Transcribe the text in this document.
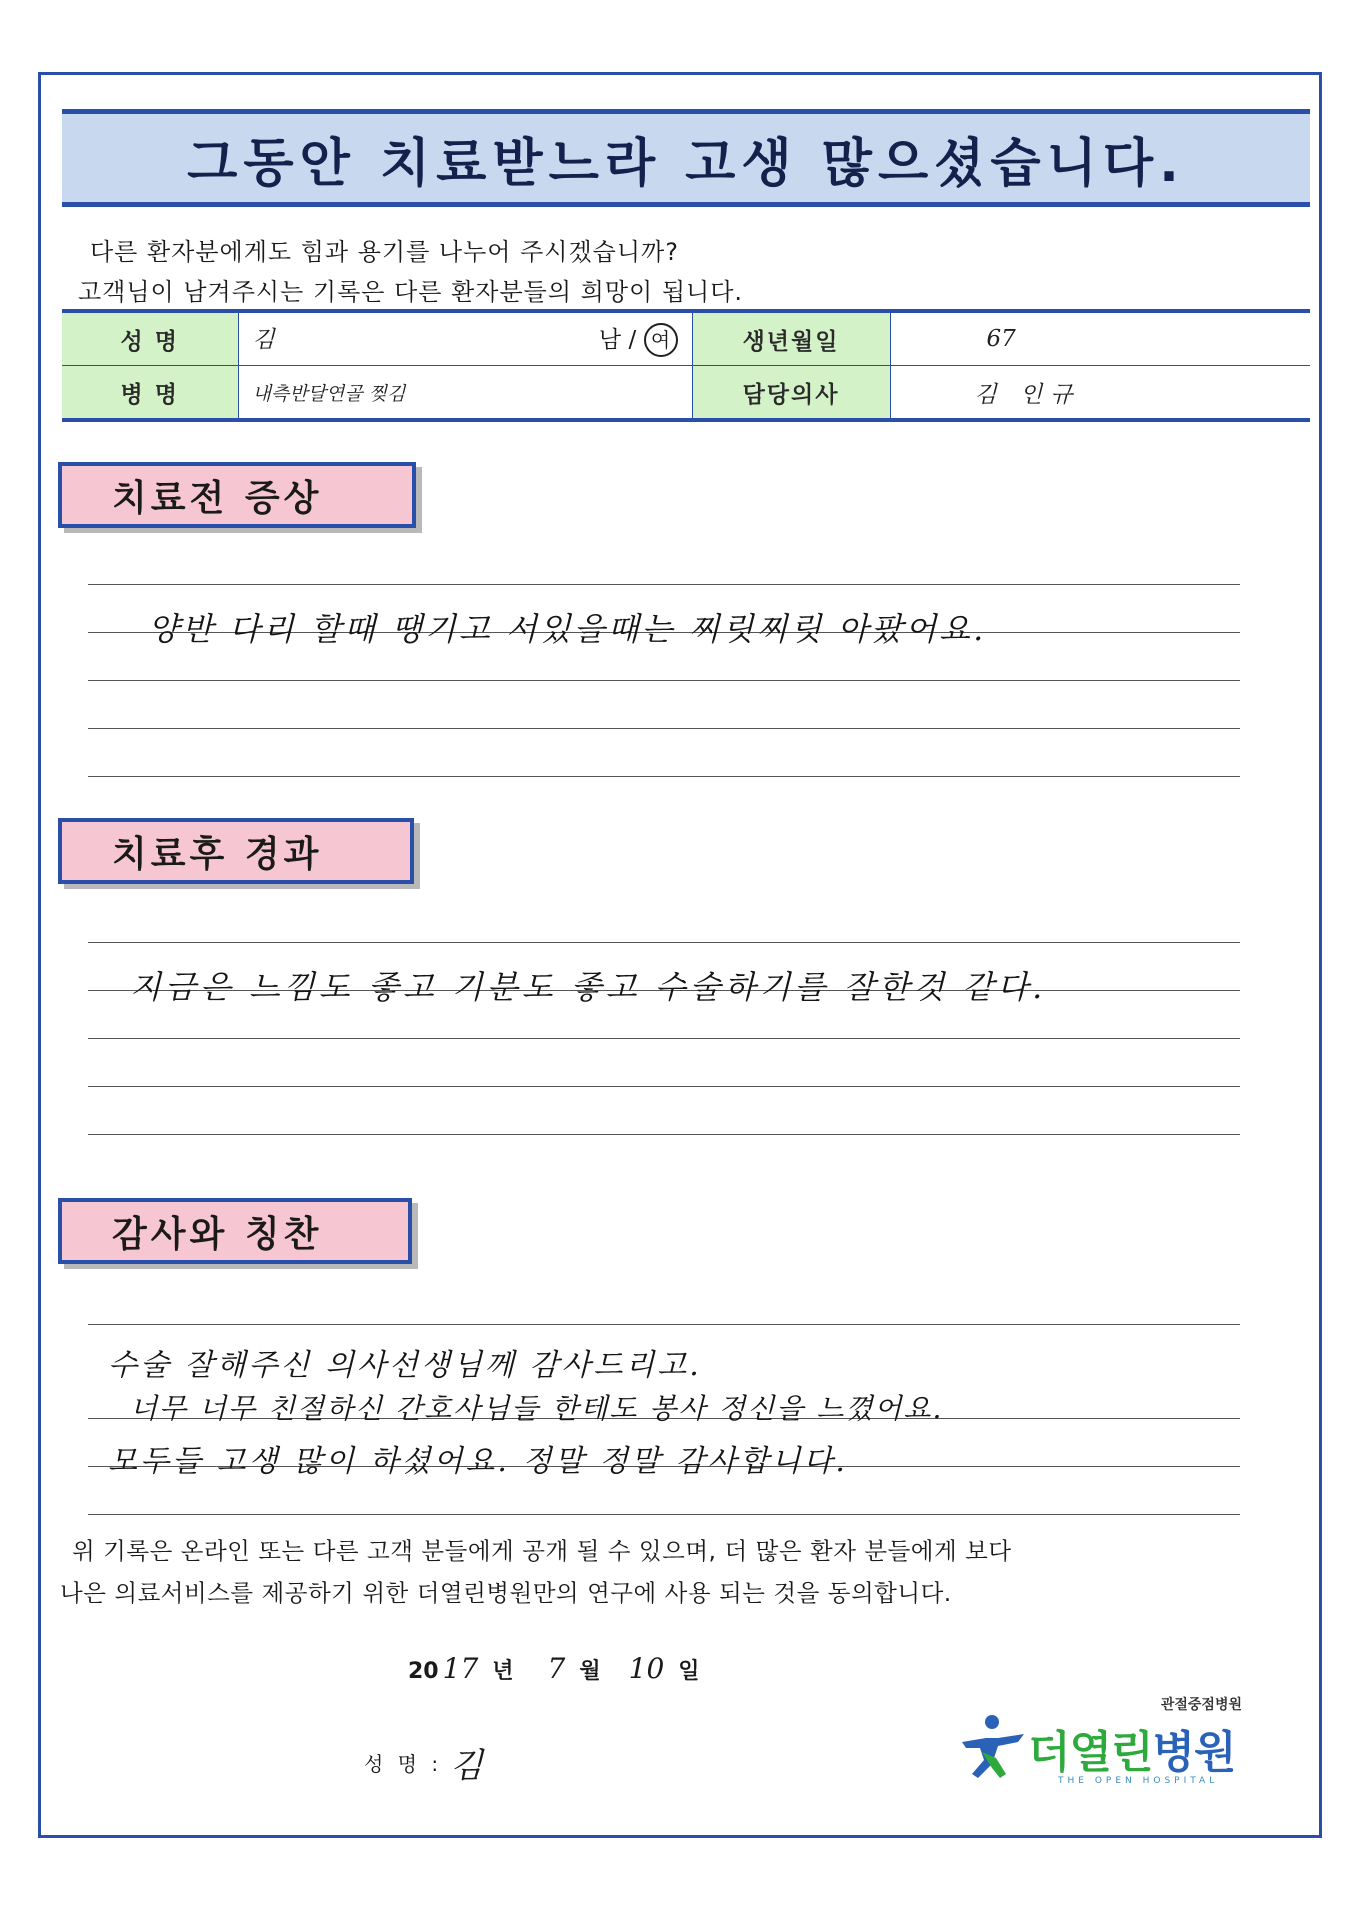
그동안 치료받느라 고생 많으셨습니다.
다른 환자분에게도 힘과 용기를 나누어 주시겠습니까?
고객님이 남겨주시는 기록은 다른 환자분들의 희망이 됩니다.
성 명	김 남 / 여	생년월일	67
병 명	내측반달연골 찢김	담당의사	김 인규
치료전 증상
양반 다리 할때 땡기고 서있을때는 찌릿찌릿 아팠어요.
치료후 경과
지금은 느낌도 좋고 기분도 좋고 수술하기를 잘한것 같다.
감사와 칭찬
수술 잘해주신 의사선생님께 감사드리고.
너무 너무 친절하신 간호사님들 한테도 봉사 정신을 느꼈어요.
모두들 고생 많이 하셨어요. 정말 정말 감사합니다.
위 기록은 온라인 또는 다른 고객 분들에게 공개 될 수 있으며, 더 많은 환자 분들에게 보다
나은 의료서비스를 제공하기 위한 더열린병원만의 연구에 사용 되는 것을 동의합니다.
20 17 년 7 월 10 일
성 명 : 김
관절중점병원
더열린병원
THE OPEN HOSPITAL
